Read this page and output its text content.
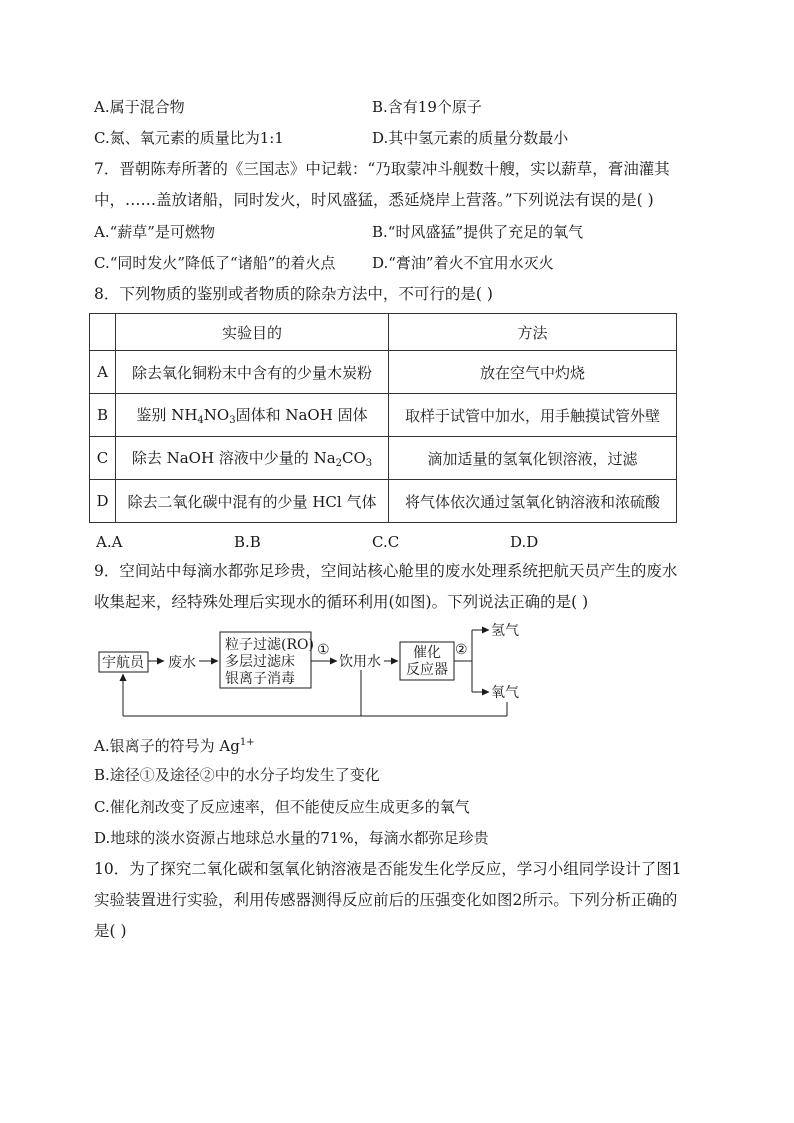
A.属于混合物	B.含有19个原子
C.氮、氧元素的质量比为1:1	D.其中氢元素的质量分数最小
7．晋朝陈寿所著的《三国志》中记载：“乃取蒙冲斗舰数十艘，实以薪草，膏油灌其
中，……盖放诸船，同时发火，时风盛猛，悉延烧岸上营落。”下列说法有误的是( )
A.“薪草”是可燃物	B.“时风盛猛”提供了充足的氧气
C.“同时发火”降低了“诸船”的着火点 D.“膏油”着火不宜用水灭火
8．下列物质的鉴别或者物质的除杂方法中，不可行的是( )
	实验目的	方法
A	除去氧化铜粉末中含有的少量木炭粉	放在空气中灼烧
B	鉴别 $NH_4NO_3$固体和 NaOH 固体	取样于试管中加水，用手触摸试管外壁
C	除去 NaOH 溶液中少量的 $Na_2CO_3$	滴加适量的氢氧化钡溶液，过滤
D	除去二氧化碳中混有的少量 HCl 气体	将气体依次通过氢氧化钠溶液和浓硫酸
A.A	B.B	C.C	D.D
9．空间站中每滴水都弥足珍贵，空间站核心舱里的废水处理系统把航天员产生的废水
收集起来，经特殊处理后实现水的循环利用(如图)。下列说法正确的是( )
宇航员 废水
粒子过滤(RO)
多层过滤床
银离子消毒
①
饮用水
催化
反应器
②
氢气
氧气
A.银离子的符号为 $Ag^{1+}$
B.途径①及途径②中的水分子均发生了变化
C.催化剂改变了反应速率，但不能使反应生成更多的氧气
D.地球的淡水资源占地球总水量的71%，每滴水都弥足珍贵
10．为了探究二氧化碳和氢氧化钠溶液是否能发生化学反应，学习小组同学设计了图1
实验装置进行实验，利用传感器测得反应前后的压强变化如图2所示。下列分析正确的
是( )
